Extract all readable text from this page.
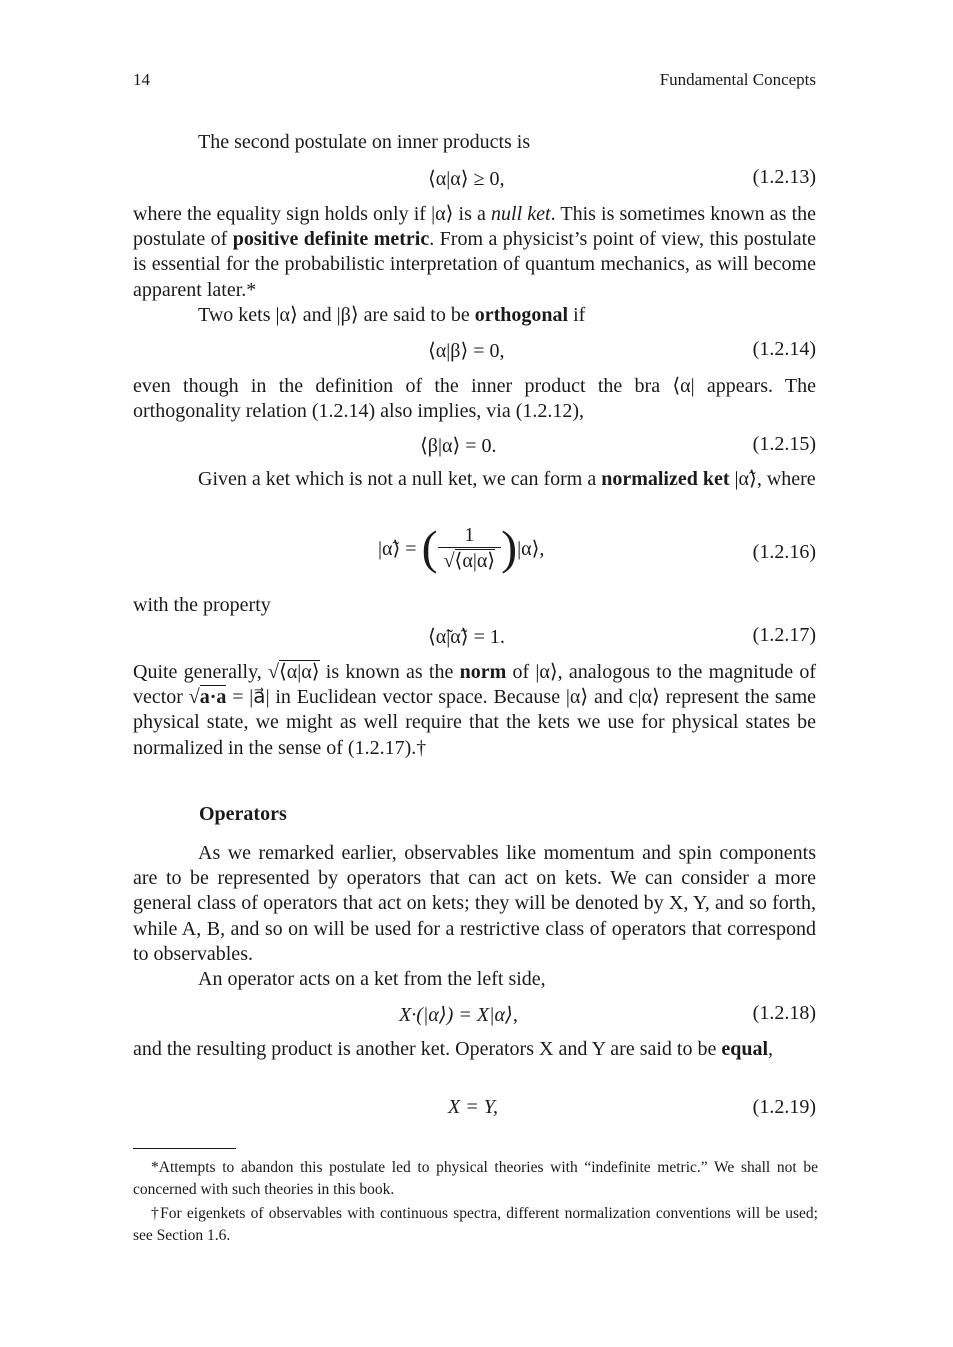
14	Fundamental Concepts
The second postulate on inner products is
⟨α|α⟩ ≥ 0,	(1.2.13)
where the equality sign holds only if |α⟩ is a null ket. This is sometimes known as the postulate of positive definite metric. From a physicist’s point of view, this postulate is essential for the probabilistic interpretation of quantum mechanics, as will become apparent later.*
Two kets |α⟩ and |β⟩ are said to be orthogonal if
⟨α|β⟩ = 0,	(1.2.14)
even though in the definition of the inner product the bra ⟨α| appears. The orthogonality relation (1.2.14) also implies, via (1.2.12),
⟨β|α⟩ = 0.	(1.2.15)
Given a ket which is not a null ket, we can form a normalized ket |α̃⟩, where
|α̃⟩ = ( $\frac{1}{√⟨\alpha|\alpha⟩}$ )|α⟩,	(1.2.16)
with the property
⟨α̃|α̃⟩ = 1.	(1.2.17)
Quite generally, √⟨α|α⟩ is known as the norm of |α⟩, analogous to the magnitude of vector √a·a = |a⃗| in Euclidean vector space. Because |α⟩ and c|α⟩ represent the same physical state, we might as well require that the kets we use for physical states be normalized in the sense of (1.2.17).†
Operators
As we remarked earlier, observables like momentum and spin components are to be represented by operators that can act on kets. We can consider a more general class of operators that act on kets; they will be denoted by X, Y, and so forth, while A, B, and so on will be used for a restrictive class of operators that correspond to observables.
An operator acts on a ket from the left side,
X·(|α⟩) = X|α⟩,	(1.2.18)
and the resulting product is another ket. Operators X and Y are said to be equal,
X = Y,	(1.2.19)
*Attempts to abandon this postulate led to physical theories with “indefinite metric.” We shall not be concerned with such theories in this book.
†For eigenkets of observables with continuous spectra, different normalization conventions will be used; see Section 1.6.
